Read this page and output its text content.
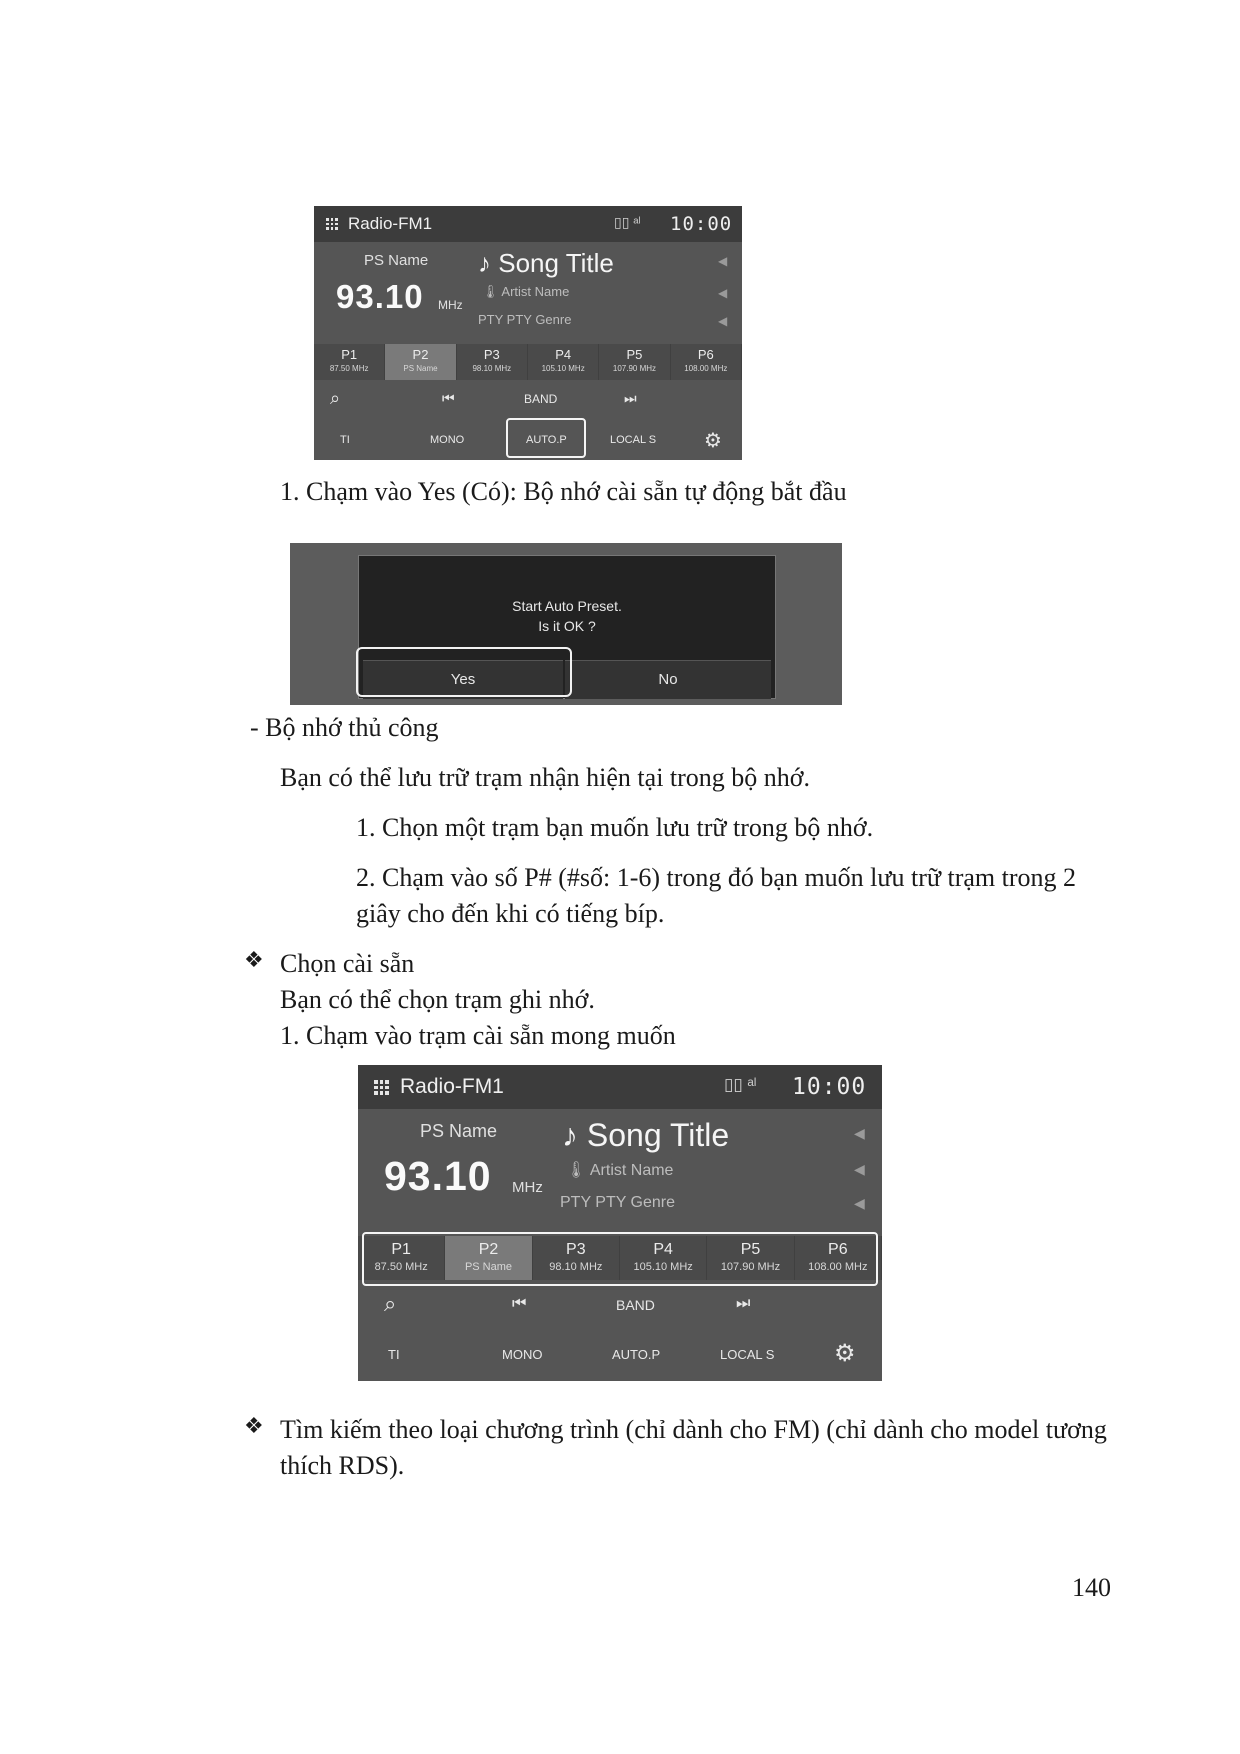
Radio-FM1	▯▯ ᵃˡ 10:00
PS Name
93.10 MHz
♪ Song Title
🌡 Artist Name
PTY PTY Genre
◀
◀
◀
P1
87.50 MHz
P2
PS Name
P3
98.10 MHz
P4
105.10 MHz
P5
107.90 MHz
P6
108.00 MHz
⌕	⏮	BAND	⏭
TI	MONO	AUTO.P	LOCAL S ⚙
1. Chạm vào Yes (Có): Bộ nhớ cài sẵn tự động bắt đầu
Start Auto Preset.
Is it OK ?
Yes	No
- Bộ nhớ thủ công
Bạn có thể lưu trữ trạm nhận hiện tại trong bộ nhớ.
1. Chọn một trạm bạn muốn lưu trữ trong bộ nhớ.
2. Chạm vào số P# (#số: 1-6) trong đó bạn muốn lưu trữ trạm trong 2 giây cho đến khi có tiếng bíp.
❖ Chọn cài sẵn
Bạn có thể chọn trạm ghi nhớ.
1. Chạm vào trạm cài sẵn mong muốn
Radio-FM1	▯▯ ᵃˡ 10:00
PS Name
93.10 MHz
♪ Song Title
🌡 Artist Name
PTY PTY Genre
◀
◀
◀
P1
87.50 MHz
P2
PS Name
P3
98.10 MHz
P4
105.10 MHz
P5
107.90 MHz
P6
108.00 MHz
⌕	⏮	BAND	⏭
TI	MONO	AUTO.P	LOCAL S ⚙
❖ Tìm kiếm theo loại chương trình (chỉ dành cho FM) (chỉ dành cho model tương thích RDS).
140
